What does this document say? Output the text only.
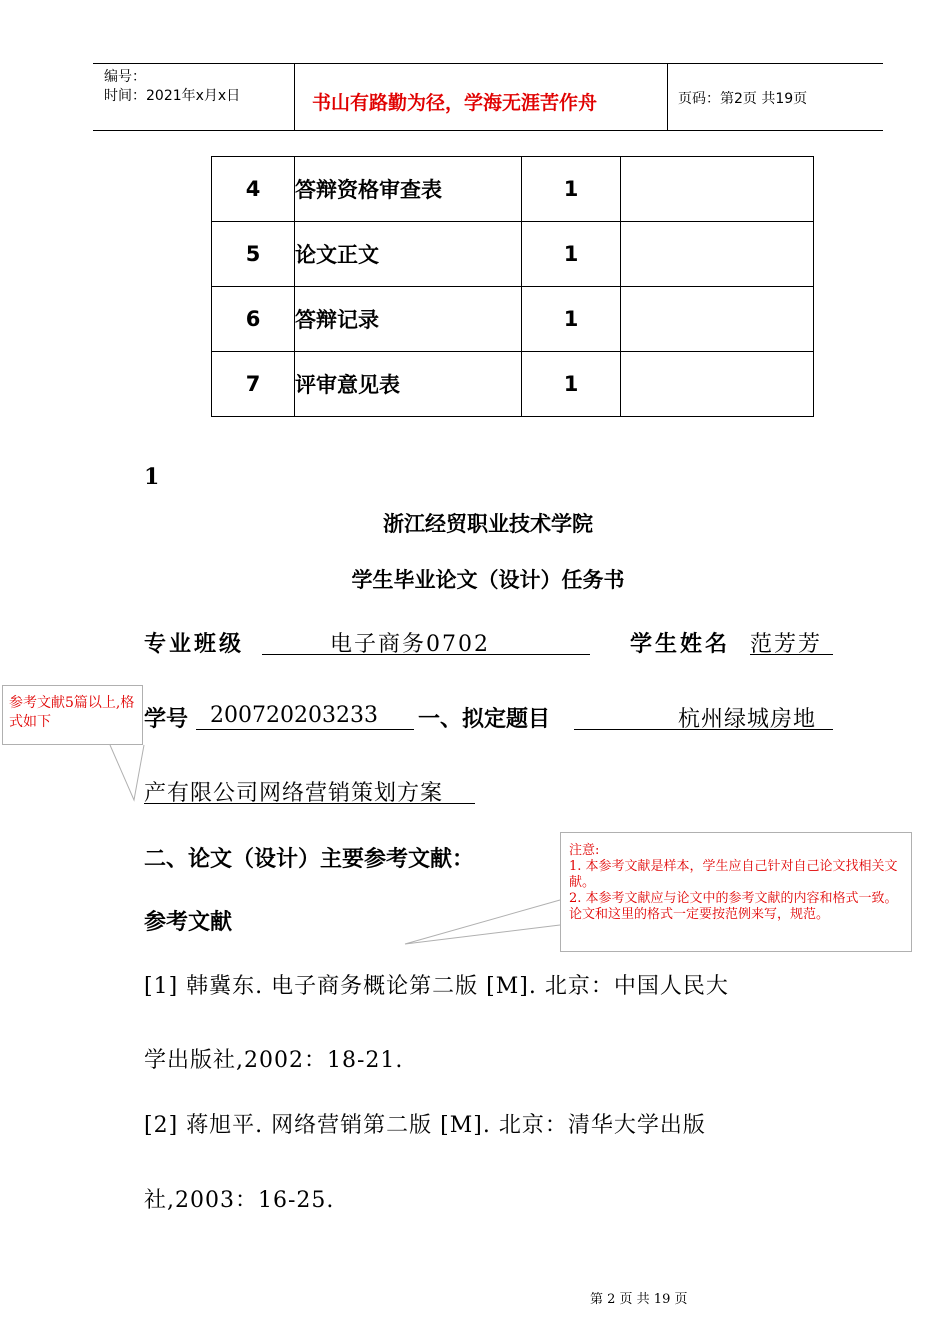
编号：
时间：2021年x月x日	书山有路勤为径，学海无涯苦作舟	页码：第2页 共19页
4	答辩资格审查表	1	
5	论文正文	1	
6	答辩记录	1	
7	评审意见表	1	
1
浙江经贸职业技术学院
学生毕业论文（设计）任务书
专业班级	电子商务0702	学生姓名 范芳芳
学号 200720203233 一、拟定题目	杭州绿城房地
产有限公司网络营销策划方案
二、论文（设计）主要参考文献：
参考文献
[1] 韩冀东. 电子商务概论第二版 [M]. 北京：中国人民大
学出版社,2002：18-21.
[2] 蒋旭平. 网络营销第二版 [M]. 北京：清华大学出版
社,2003：16-25.
参考文献5篇以上,格式如下
注意:
1. 本参考文献是样本，学生应自己针对自己论文找相关文献。
2. 本参考文献应与论文中的参考文献的内容和格式一致。论文和这里的格式一定要按范例来写，规范。
第 2 页 共 19 页
